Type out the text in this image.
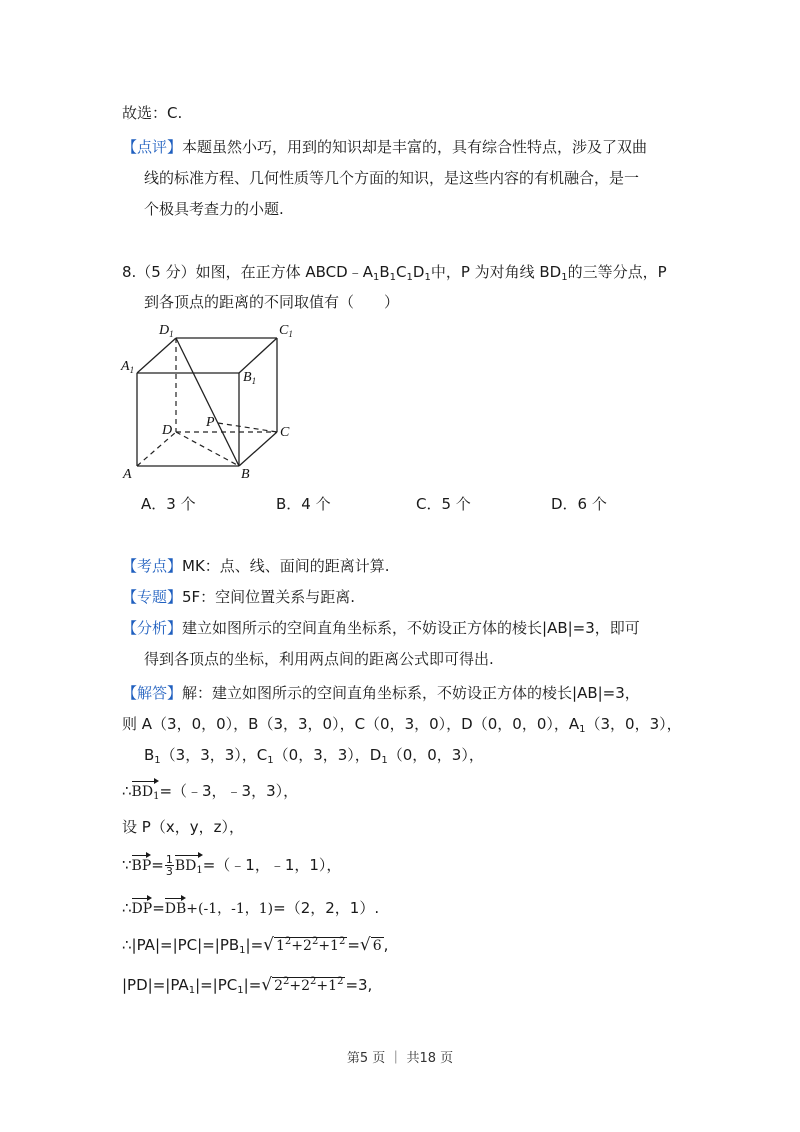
故选：C.
【点评】本题虽然小巧，用到的知识却是丰富的，具有综合性特点，涉及了双曲
线的标准方程、几何性质等几个方面的知识，是这些内容的有机融合，是一
个极具考查力的小题.
8.（5 分）如图，在正方体 $ABCD﹣A_1B_1C_1D_1$中，P 为对角线 $BD_1$的三等分点，P
到各顶点的距离的不同取值有（　　）
$D_1$	$C_1$
$A_1$	$B_1$
D
P
C
A	B
A．3 个	B．4 个	C．5 个	D．6 个
【考点】MK：点、线、面间的距离计算.
【专题】5F：空间位置关系与距离.
【分析】建立如图所示的空间直角坐标系，不妨设正方体的棱长|AB|=3，即可
得到各顶点的坐标，利用两点间的距离公式即可得出.
【解答】解：建立如图所示的空间直角坐标系，不妨设正方体的棱长|AB|=3，
则 A（3，0，0），B（3，3，0），C（0，3，0），D（0，0，0），$A_1(3$，0，3），
$B_1(3$，3，3），$C_1(0$，3，3），$D_1(0$，0，3），
$\therefore BD_1=(﹣3$，﹣3，3），
设 P（x，y，z），
∵BP= $\frac{1}{3}$ $BD_1=(﹣1$，﹣1，1），
∴DP=DB+(-1，-1，1)=（2，2，1）.
$\therefore|PA|=|PC|=|PB_1|=√$ $1^2+2^2+1^2$ =√ 6 ,
$|PD|=|PA_1|=|PC_1|=√$ $2^2+2^2+1^2 =3$,
第5 页 ｜ 共18 页
